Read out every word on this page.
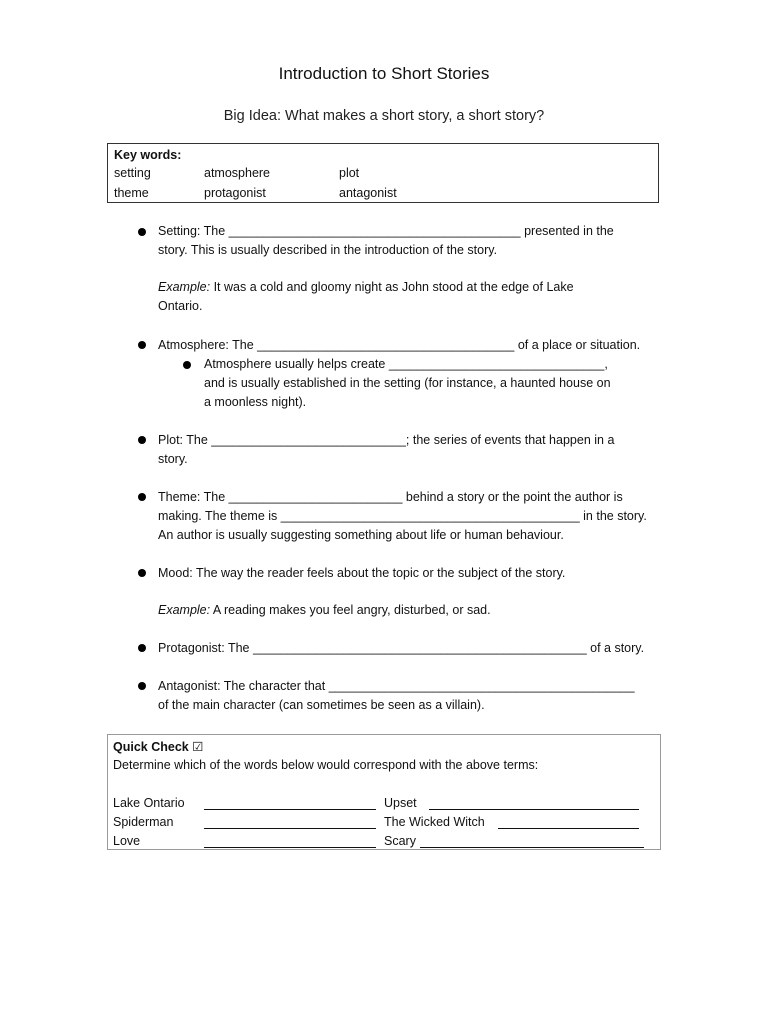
Introduction to Short Stories
Big Idea: What makes a short story, a short story?
Key words:
setting	atmosphere	plot
theme	protagonist	antagonist
Setting: The __________________________________________ presented in the
story. This is usually described in the introduction of the story.
Example: It was a cold and gloomy night as John stood at the edge of Lake
Ontario.
Atmosphere: The _____________________________________ of a place or situation.
Atmosphere usually helps create _______________________________,
and is usually established in the setting (for instance, a haunted house on
a moonless night).
Plot: The ____________________________; the series of events that happen in a
story.
Theme: The _________________________ behind a story or the point the author is
making. The theme is ___________________________________________ in the story.
An author is usually suggesting something about life or human behaviour.
Mood: The way the reader feels about the topic or the subject of the story.
Example: A reading makes you feel angry, disturbed, or sad.
Protagonist: The ________________________________________________ of a story.
Antagonist: The character that ____________________________________________
of the main character (can sometimes be seen as a villain).
Quick Check ☑
Determine which of the words below would correspond with the above terms:
Lake Ontario	Upset
Spiderman	The Wicked Witch
Love	Scary
